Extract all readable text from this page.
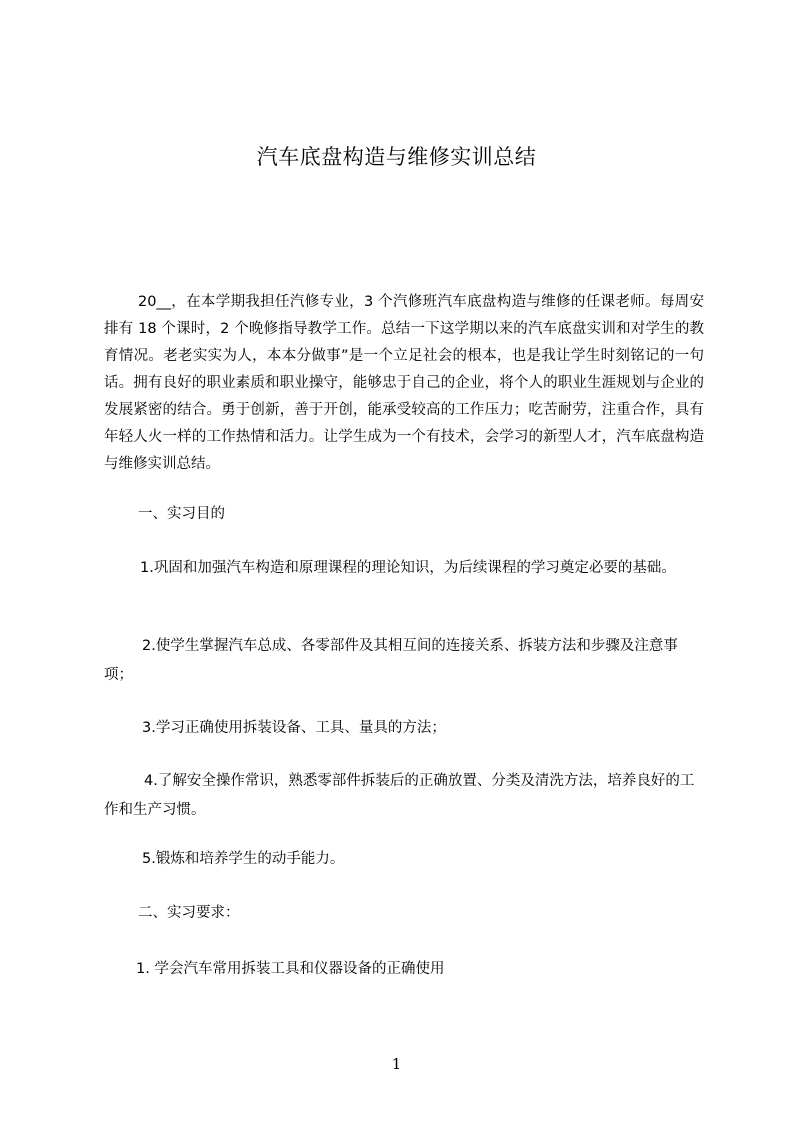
汽车底盘构造与维修实训总结

20__，在本学期我担任汽修专业，3 个汽修班汽车底盘构造与维修的任课老师。每周安排有 18 个课时，2 个晚修指导教学工作。总结一下这学期以来的汽车底盘实训和对学生的教育情况。老老实实为人，本本分做事”是一个立足社会的根本，也是我让学生时刻铭记的一句话。拥有良好的职业素质和职业操守，能够忠于自己的企业，将个人的职业生涯规划与企业的发展紧密的结合。勇于创新，善于开创，能承受较高的工作压力；吃苦耐劳，注重合作，具有年轻人火一样的工作热情和活力。让学生成为一个有技术，会学习的新型人才，汽车底盘构造与维修实训总结。

一、实习目的

1.巩固和加强汽车构造和原理课程的理论知识，为后续课程的学习奠定必要的基础。

2.使学生掌握汽车总成、各零部件及其相互间的连接关系、拆装方法和步骤及注意事项；

3.学习正确使用拆装设备、工具、量具的方法；

4.了解安全操作常识，熟悉零部件拆装后的正确放置、分类及清洗方法，培养良好的工作和生产习惯。

5.锻炼和培养学生的动手能力。

二、实习要求：

1. 学会汽车常用拆装工具和仪器设备的正确使用

1
